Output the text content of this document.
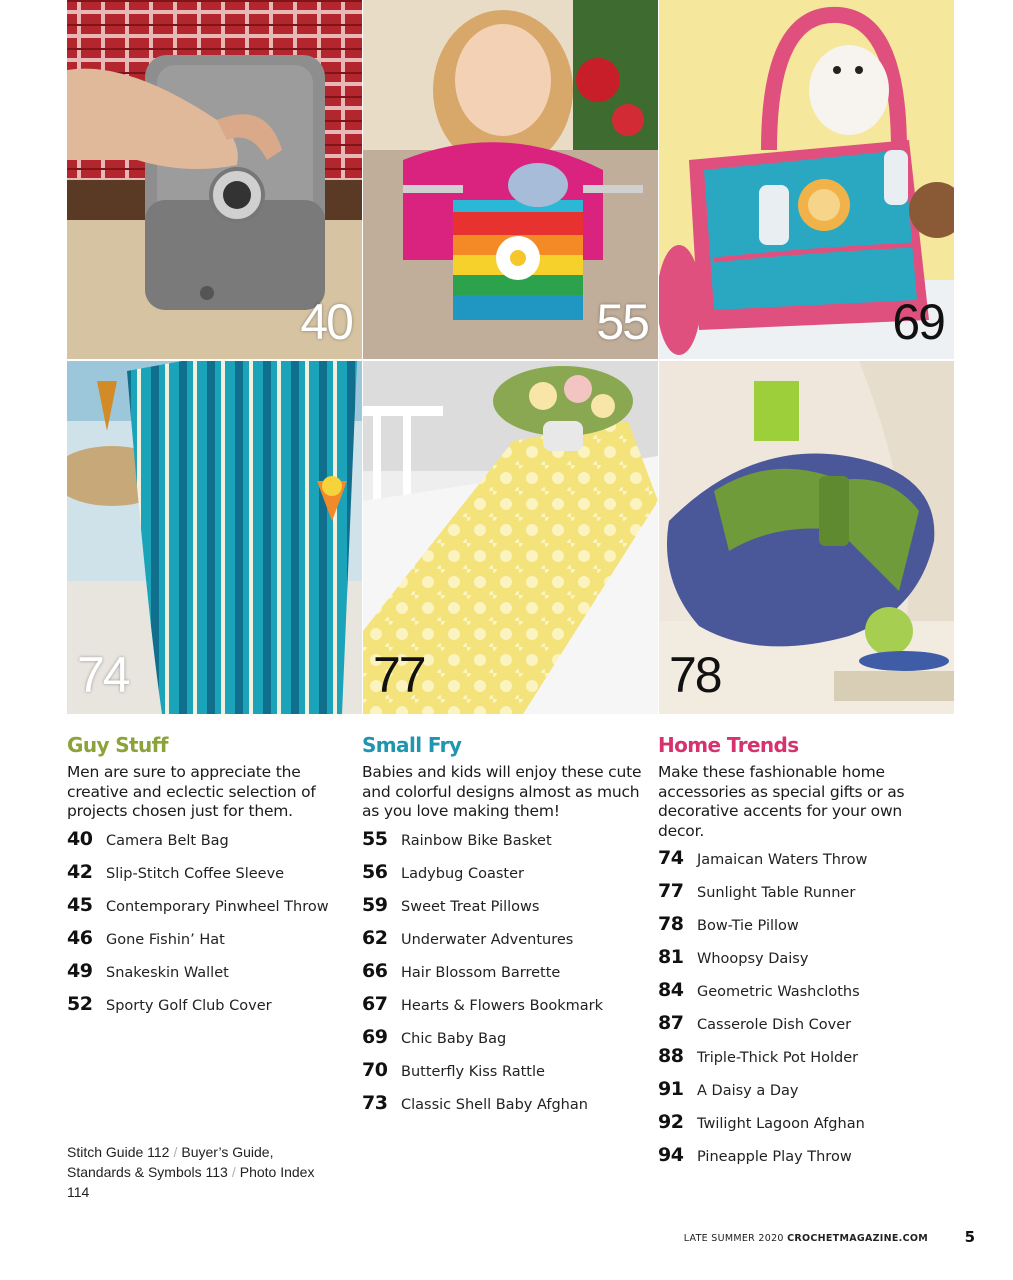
40	55	69
74	77	78
Guy Stuff

Men are sure to appreciate the creative and eclectic selection of projects chosen just for them.

40 Camera Belt Bag
42 Slip-Stitch Coffee Sleeve
45 Contemporary Pinwheel Throw
46 Gone Fishin’ Hat
49 Snakeskin Wallet
52 Sporty Golf Club Cover
Small Fry

Babies and kids will enjoy these cute and colorful designs almost as much as you love making them!

55 Rainbow Bike Basket
56 Ladybug Coaster
59 Sweet Treat Pillows
62 Underwater Adventures
66 Hair Blossom Barrette
67 Hearts & Flowers Bookmark
69 Chic Baby Bag
70 Butterfly Kiss Rattle
73 Classic Shell Baby Afghan
Home Trends

Make these fashionable home accessories as special gifts or as decorative accents for your own decor.

74 Jamaican Waters Throw
77 Sunlight Table Runner
78 Bow-Tie Pillow
81 Whoopsy Daisy
84 Geometric Washcloths
87 Casserole Dish Cover
88 Triple-Thick Pot Holder
91 A Daisy a Day
92 Twilight Lagoon Afghan
94 Pineapple Play Throw
Stitch Guide 112 / Buyer’s Guide, Standards & Symbols 113 / Photo Index 114
LATE SUMMER 2020 CROCHETMAGAZINE.COM 5
